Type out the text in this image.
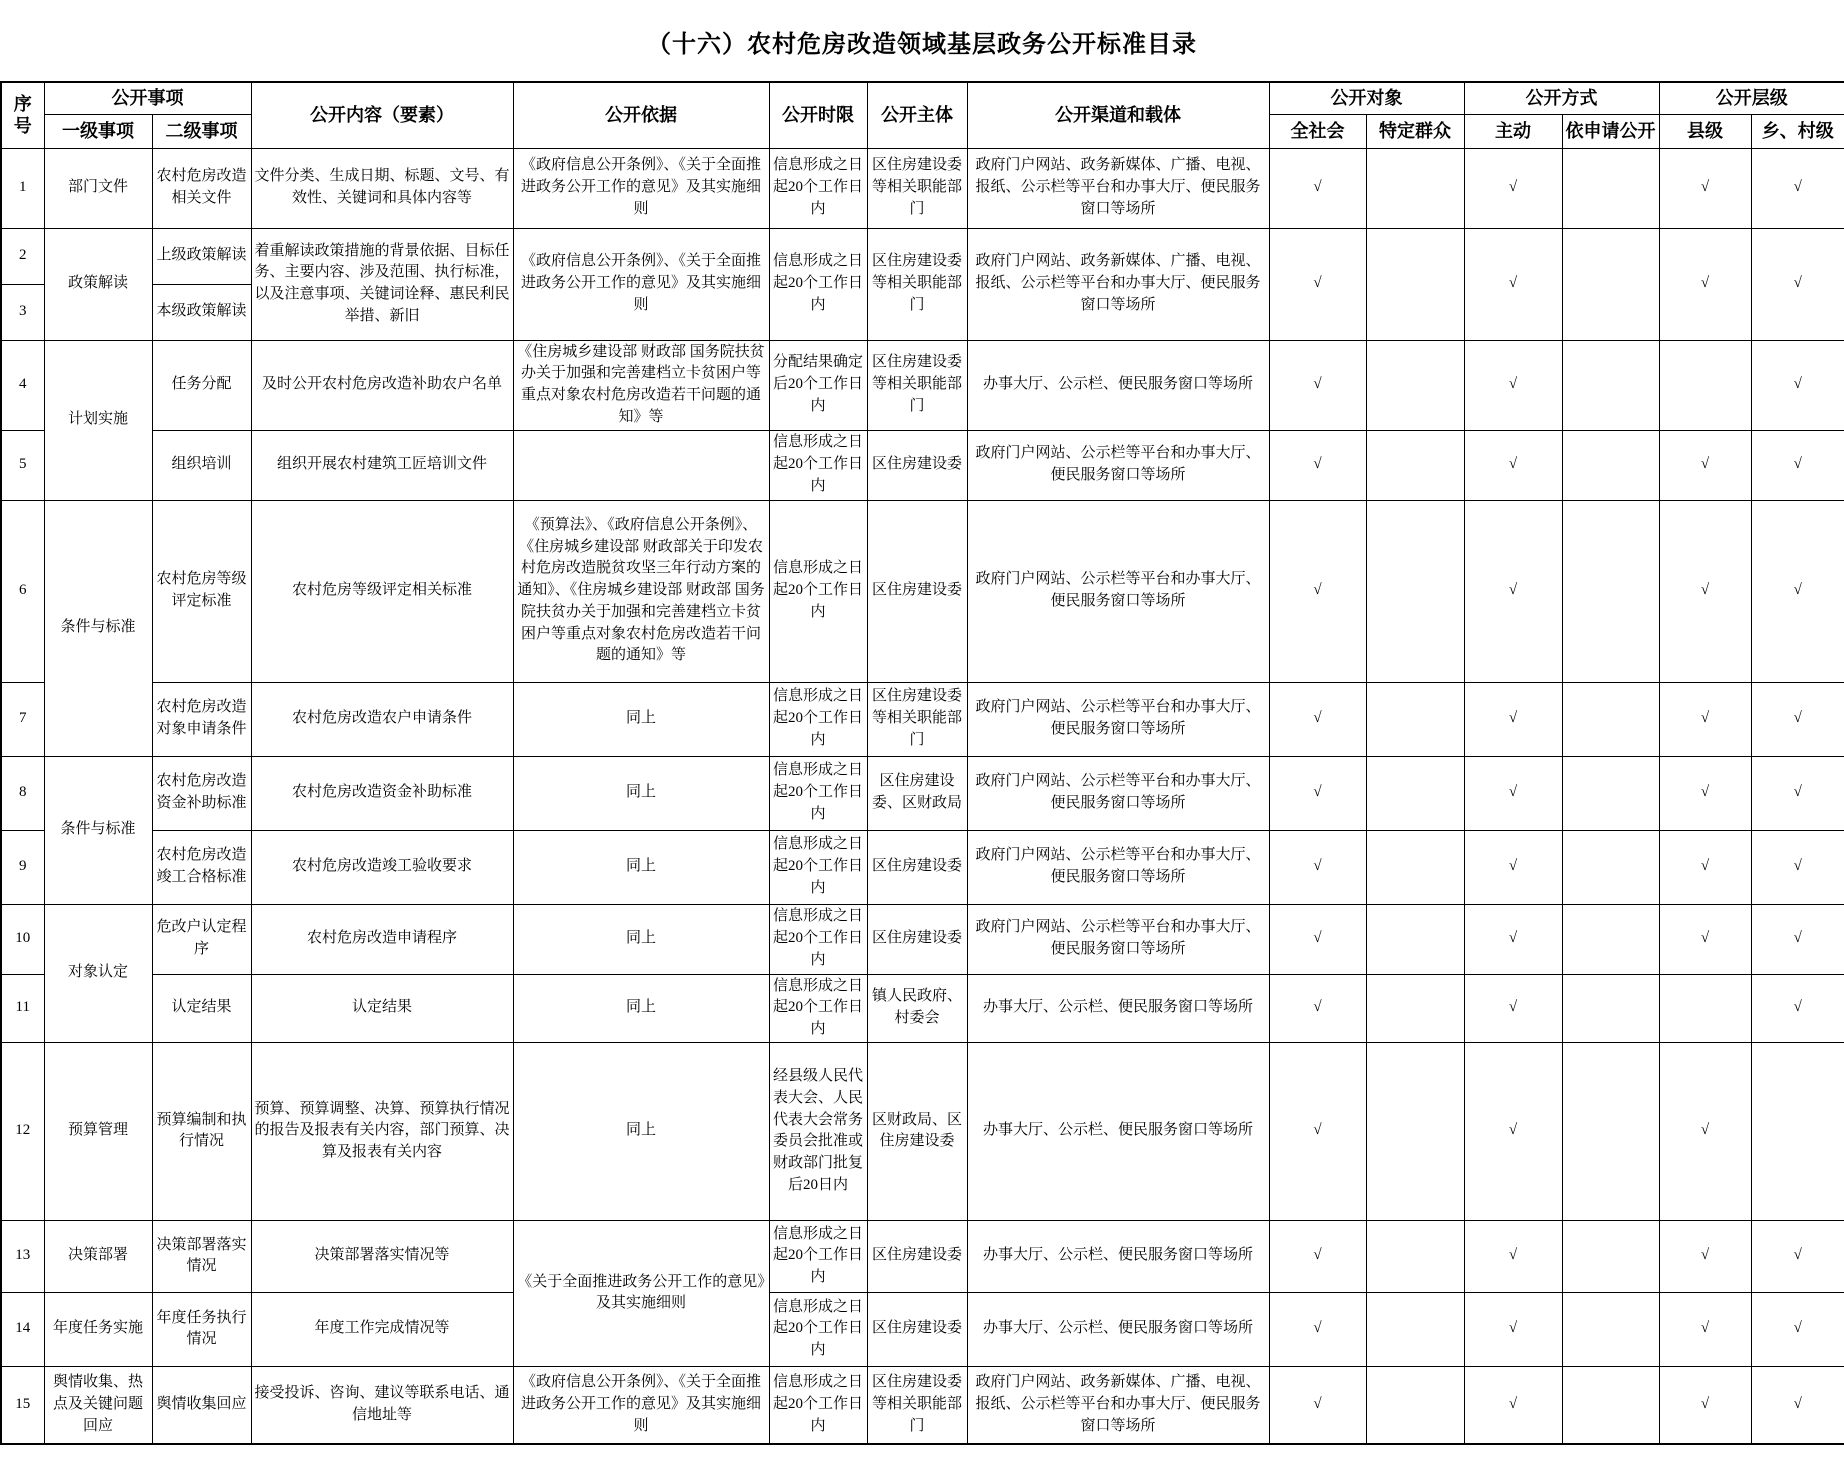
（十六）农村危房改造领域基层政务公开标准目录
序号	公开事项		公开内容（要素）	公开依据	公开时限	公开主体	公开渠道和载体	公开对象		公开方式		公开层级	
	一级事项	二级事项						全社会	特定群众	主动	依申请公开	县级	乡、村级
1	部门文件	农村危房改造相关文件	文件分类、生成日期、标题、文号、有效性、关键词和具体内容等	《政府信息公开条例》、《关于全面推进政务公开工作的意见》及其实施细则	信息形成之日起20个工作日内	区住房建设委等相关职能部门	政府门户网站、政务新媒体、广播、电视、报纸、公示栏等平台和办事大厅、便民服务窗口等场所	√		√		√	√
2	政策解读	上级政策解读	着重解读政策措施的背景依据、目标任务、主要内容、涉及范围、执行标准，以及注意事项、关键词诠释、惠民利民举措、新旧	《政府信息公开条例》、《关于全面推进政务公开工作的意见》及其实施细则	信息形成之日起20个工作日内	区住房建设委等相关职能部门	政府门户网站、政务新媒体、广播、电视、报纸、公示栏等平台和办事大厅、便民服务窗口等场所	√		√		√	√
3		本级政策解读											
4	计划实施	任务分配	及时公开农村危房改造补助农户名单	《住房城乡建设部 财政部 国务院扶贫办关于加强和完善建档立卡贫困户等重点对象农村危房改造若干问题的通知》等	分配结果确定后20个工作日内	区住房建设委等相关职能部门	办事大厅、公示栏、便民服务窗口等场所	√		√			√
5		组织培训	组织开展农村建筑工匠培训文件		信息形成之日起20个工作日内	区住房建设委	政府门户网站、公示栏等平台和办事大厅、便民服务窗口等场所	√		√		√	√
6	条件与标准	农村危房等级评定标准	农村危房等级评定相关标准	《预算法》、《政府信息公开条例》、《住房城乡建设部 财政部关于印发农村危房改造脱贫攻坚三年行动方案的通知》、《住房城乡建设部 财政部 国务院扶贫办关于加强和完善建档立卡贫困户等重点对象农村危房改造若干问题的通知》等	信息形成之日起20个工作日内	区住房建设委	政府门户网站、公示栏等平台和办事大厅、便民服务窗口等场所	√		√		√	√
7		农村危房改造对象申请条件	农村危房改造农户申请条件	同上	信息形成之日起20个工作日内	区住房建设委等相关职能部门	政府门户网站、公示栏等平台和办事大厅、便民服务窗口等场所	√		√		√	√
8	条件与标准	农村危房改造资金补助标准	农村危房改造资金补助标准	同上	信息形成之日起20个工作日内	区住房建设委、区财政局	政府门户网站、公示栏等平台和办事大厅、便民服务窗口等场所	√		√		√	√
9		农村危房改造竣工合格标准	农村危房改造竣工验收要求	同上	信息形成之日起20个工作日内	区住房建设委	政府门户网站、公示栏等平台和办事大厅、便民服务窗口等场所	√		√		√	√
10	对象认定	危改户认定程序	农村危房改造申请程序	同上	信息形成之日起20个工作日内	区住房建设委	政府门户网站、公示栏等平台和办事大厅、便民服务窗口等场所	√		√		√	√
11		认定结果	认定结果	同上	信息形成之日起20个工作日内	镇人民政府、村委会	办事大厅、公示栏、便民服务窗口等场所	√		√			√
12	预算管理	预算编制和执行情况	预算、预算调整、决算、预算执行情况的报告及报表有关内容，部门预算、决算及报表有关内容	同上	经县级人民代表大会、人民代表大会常务委员会批准或财政部门批复后20日内	区财政局、区住房建设委	办事大厅、公示栏、便民服务窗口等场所	√		√		√	
13	决策部署	决策部署落实情况	决策部署落实情况等	《关于全面推进政务公开工作的意见》及其实施细则	信息形成之日起20个工作日内	区住房建设委	办事大厅、公示栏、便民服务窗口等场所	√		√		√	√
14	年度任务实施	年度任务执行情况	年度工作完成情况等		信息形成之日起20个工作日内	区住房建设委	办事大厅、公示栏、便民服务窗口等场所	√		√		√	√
15	舆情收集、热点及关键问题回应	舆情收集回应	接受投诉、咨询、建议等联系电话、通信地址等	《政府信息公开条例》、《关于全面推进政务公开工作的意见》及其实施细则	信息形成之日起20个工作日内	区住房建设委等相关职能部门	政府门户网站、政务新媒体、广播、电视、报纸、公示栏等平台和办事大厅、便民服务窗口等场所	√		√		√	√
